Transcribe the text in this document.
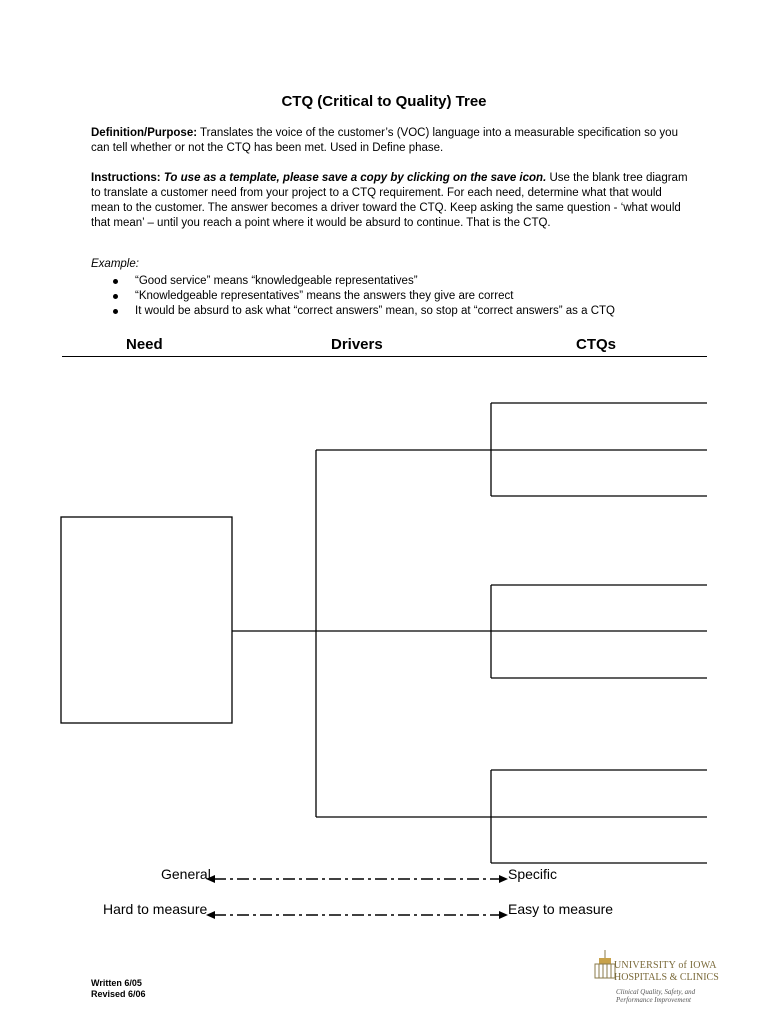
CTQ (Critical to Quality) Tree
Definition/Purpose: Translates the voice of the customer’s (VOC) language into a measurable specification so you can tell whether or not the CTQ has been met. Used in Define phase.
Instructions: To use as a template, please save a copy by clicking on the save icon. Use the blank tree diagram to translate a customer need from your project to a CTQ requirement. For each need, determine what that would mean to the customer. The answer becomes a driver toward the CTQ. Keep asking the same question - ‘what would that mean’ – until you reach a point where it would be absurd to continue. That is the CTQ.
Example:
“Good service” means “knowledgeable representatives”
“Knowledgeable representatives” means the answers they give are correct
It would be absurd to ask what “correct answers” mean, so stop at “correct answers” as a CTQ
Need	Drivers	CTQs
General	Specific
Hard to measure	Easy to measure
Written 6/05
Revised 6/06
UNIVERSITY of IOWA
HOSPITALS & CLINICS
Clinical Quality, Safety, and Performance Improvement
